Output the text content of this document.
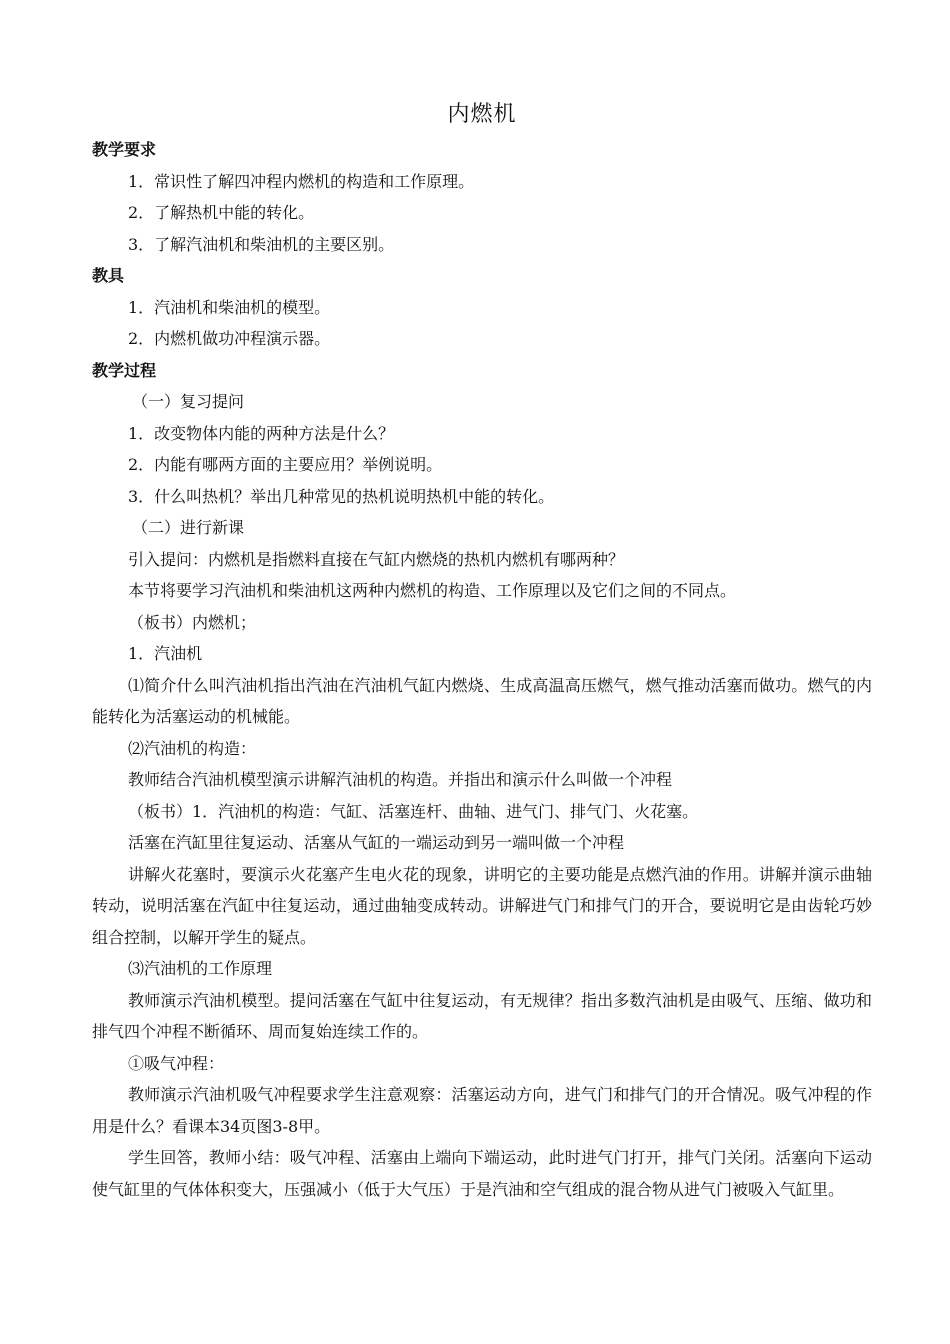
内燃机
教学要求

1．常识性了解四冲程内燃机的构造和工作原理。

2．了解热机中能的转化。

3．了解汽油机和柴油机的主要区别。

教具

1．汽油机和柴油机的模型。

2．内燃机做功冲程演示器。

教学过程

（一）复习提问

1．改变物体内能的两种方法是什么？

2．内能有哪两方面的主要应用？举例说明。

3．什么叫热机？举出几种常见的热机说明热机中能的转化。

（二）进行新课

引入提问：内燃机是指燃料直接在气缸内燃烧的热机内燃机有哪两种？

本节将要学习汽油机和柴油机这两种内燃机的构造、工作原理以及它们之间的不同点。

（板书）内燃机；

1．汽油机

⑴简介什么叫汽油机指出汽油在汽油机气缸内燃烧、生成高温高压燃气，燃气推动活塞而做功。燃气的内能转化为活塞运动的机械能。

⑵汽油机的构造：

教师结合汽油机模型演示讲解汽油机的构造。并指出和演示什么叫做一个冲程

（板书）1．汽油机的构造：气缸、活塞连杆、曲轴、进气门、排气门、火花塞。

活塞在汽缸里往复运动、活塞从气缸的一端运动到另一端叫做一个冲程

讲解火花塞时，要演示火花塞产生电火花的现象，讲明它的主要功能是点燃汽油的作用。讲解并演示曲轴转动，说明活塞在汽缸中往复运动，通过曲轴变成转动。讲解进气门和排气门的开合，要说明它是由齿轮巧妙组合控制，以解开学生的疑点。

⑶汽油机的工作原理

教师演示汽油机模型。提问活塞在气缸中往复运动，有无规律？指出多数汽油机是由吸气、压缩、做功和排气四个冲程不断循环、周而复始连续工作的。

①吸气冲程：

教师演示汽油机吸气冲程要求学生注意观察：活塞运动方向，进气门和排气门的开合情况。吸气冲程的作用是什么？看课本34页图3-8甲。

学生回答，教师小结：吸气冲程、活塞由上端向下端运动，此时进气门打开，排气门关闭。活塞向下运动使气缸里的气体体积变大，压强减小（低于大气压）于是汽油和空气组成的混合物从进气门被吸入气缸里。
